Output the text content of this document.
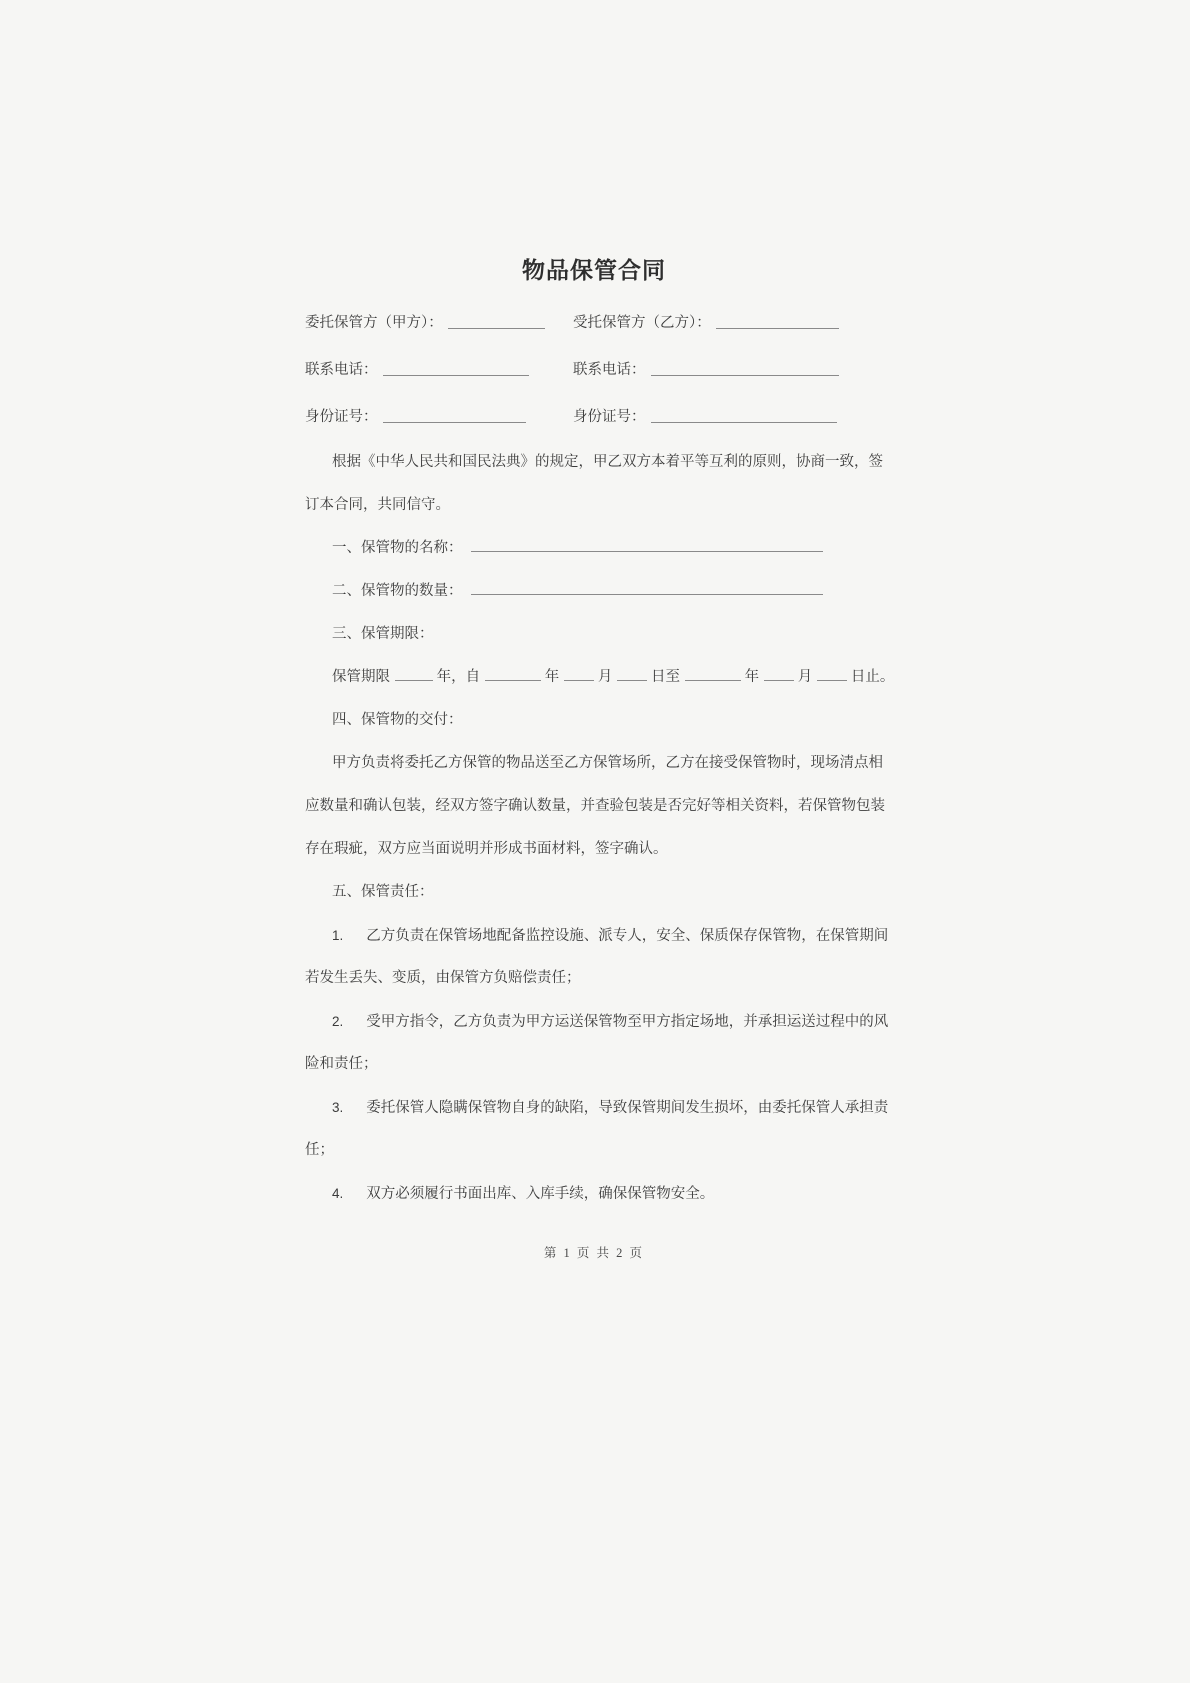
物品保管合同
委托保管方（甲方）：	受托保管方（乙方）：
联系电话：	联系电话：
身份证号：	身份证号：
根据《中华人民共和国民法典》的规定，甲乙双方本着平等互利的原则，协商一致，签
订本合同，共同信守。
一、保管物的名称：
二、保管物的数量：
三、保管期限：
保管期限	年，自	年	月	日至	年	月	日止。
四、保管物的交付：
甲方负责将委托乙方保管的物品送至乙方保管场所，乙方在接受保管物时，现场清点相
应数量和确认包装，经双方签字确认数量，并查验包装是否完好等相关资料，若保管物包装
存在瑕疵，双方应当面说明并形成书面材料，签字确认。
五、保管责任：
1. 乙方负责在保管场地配备监控设施、派专人，安全、保质保存保管物，在保管期间
若发生丢失、变质，由保管方负赔偿责任；
2. 受甲方指令，乙方负责为甲方运送保管物至甲方指定场地，并承担运送过程中的风
险和责任；
3. 委托保管人隐瞒保管物自身的缺陷，导致保管期间发生损坏，由委托保管人承担责
任；
4. 双方必须履行书面出库、入库手续，确保保管物安全。
第 1 页 共 2 页
